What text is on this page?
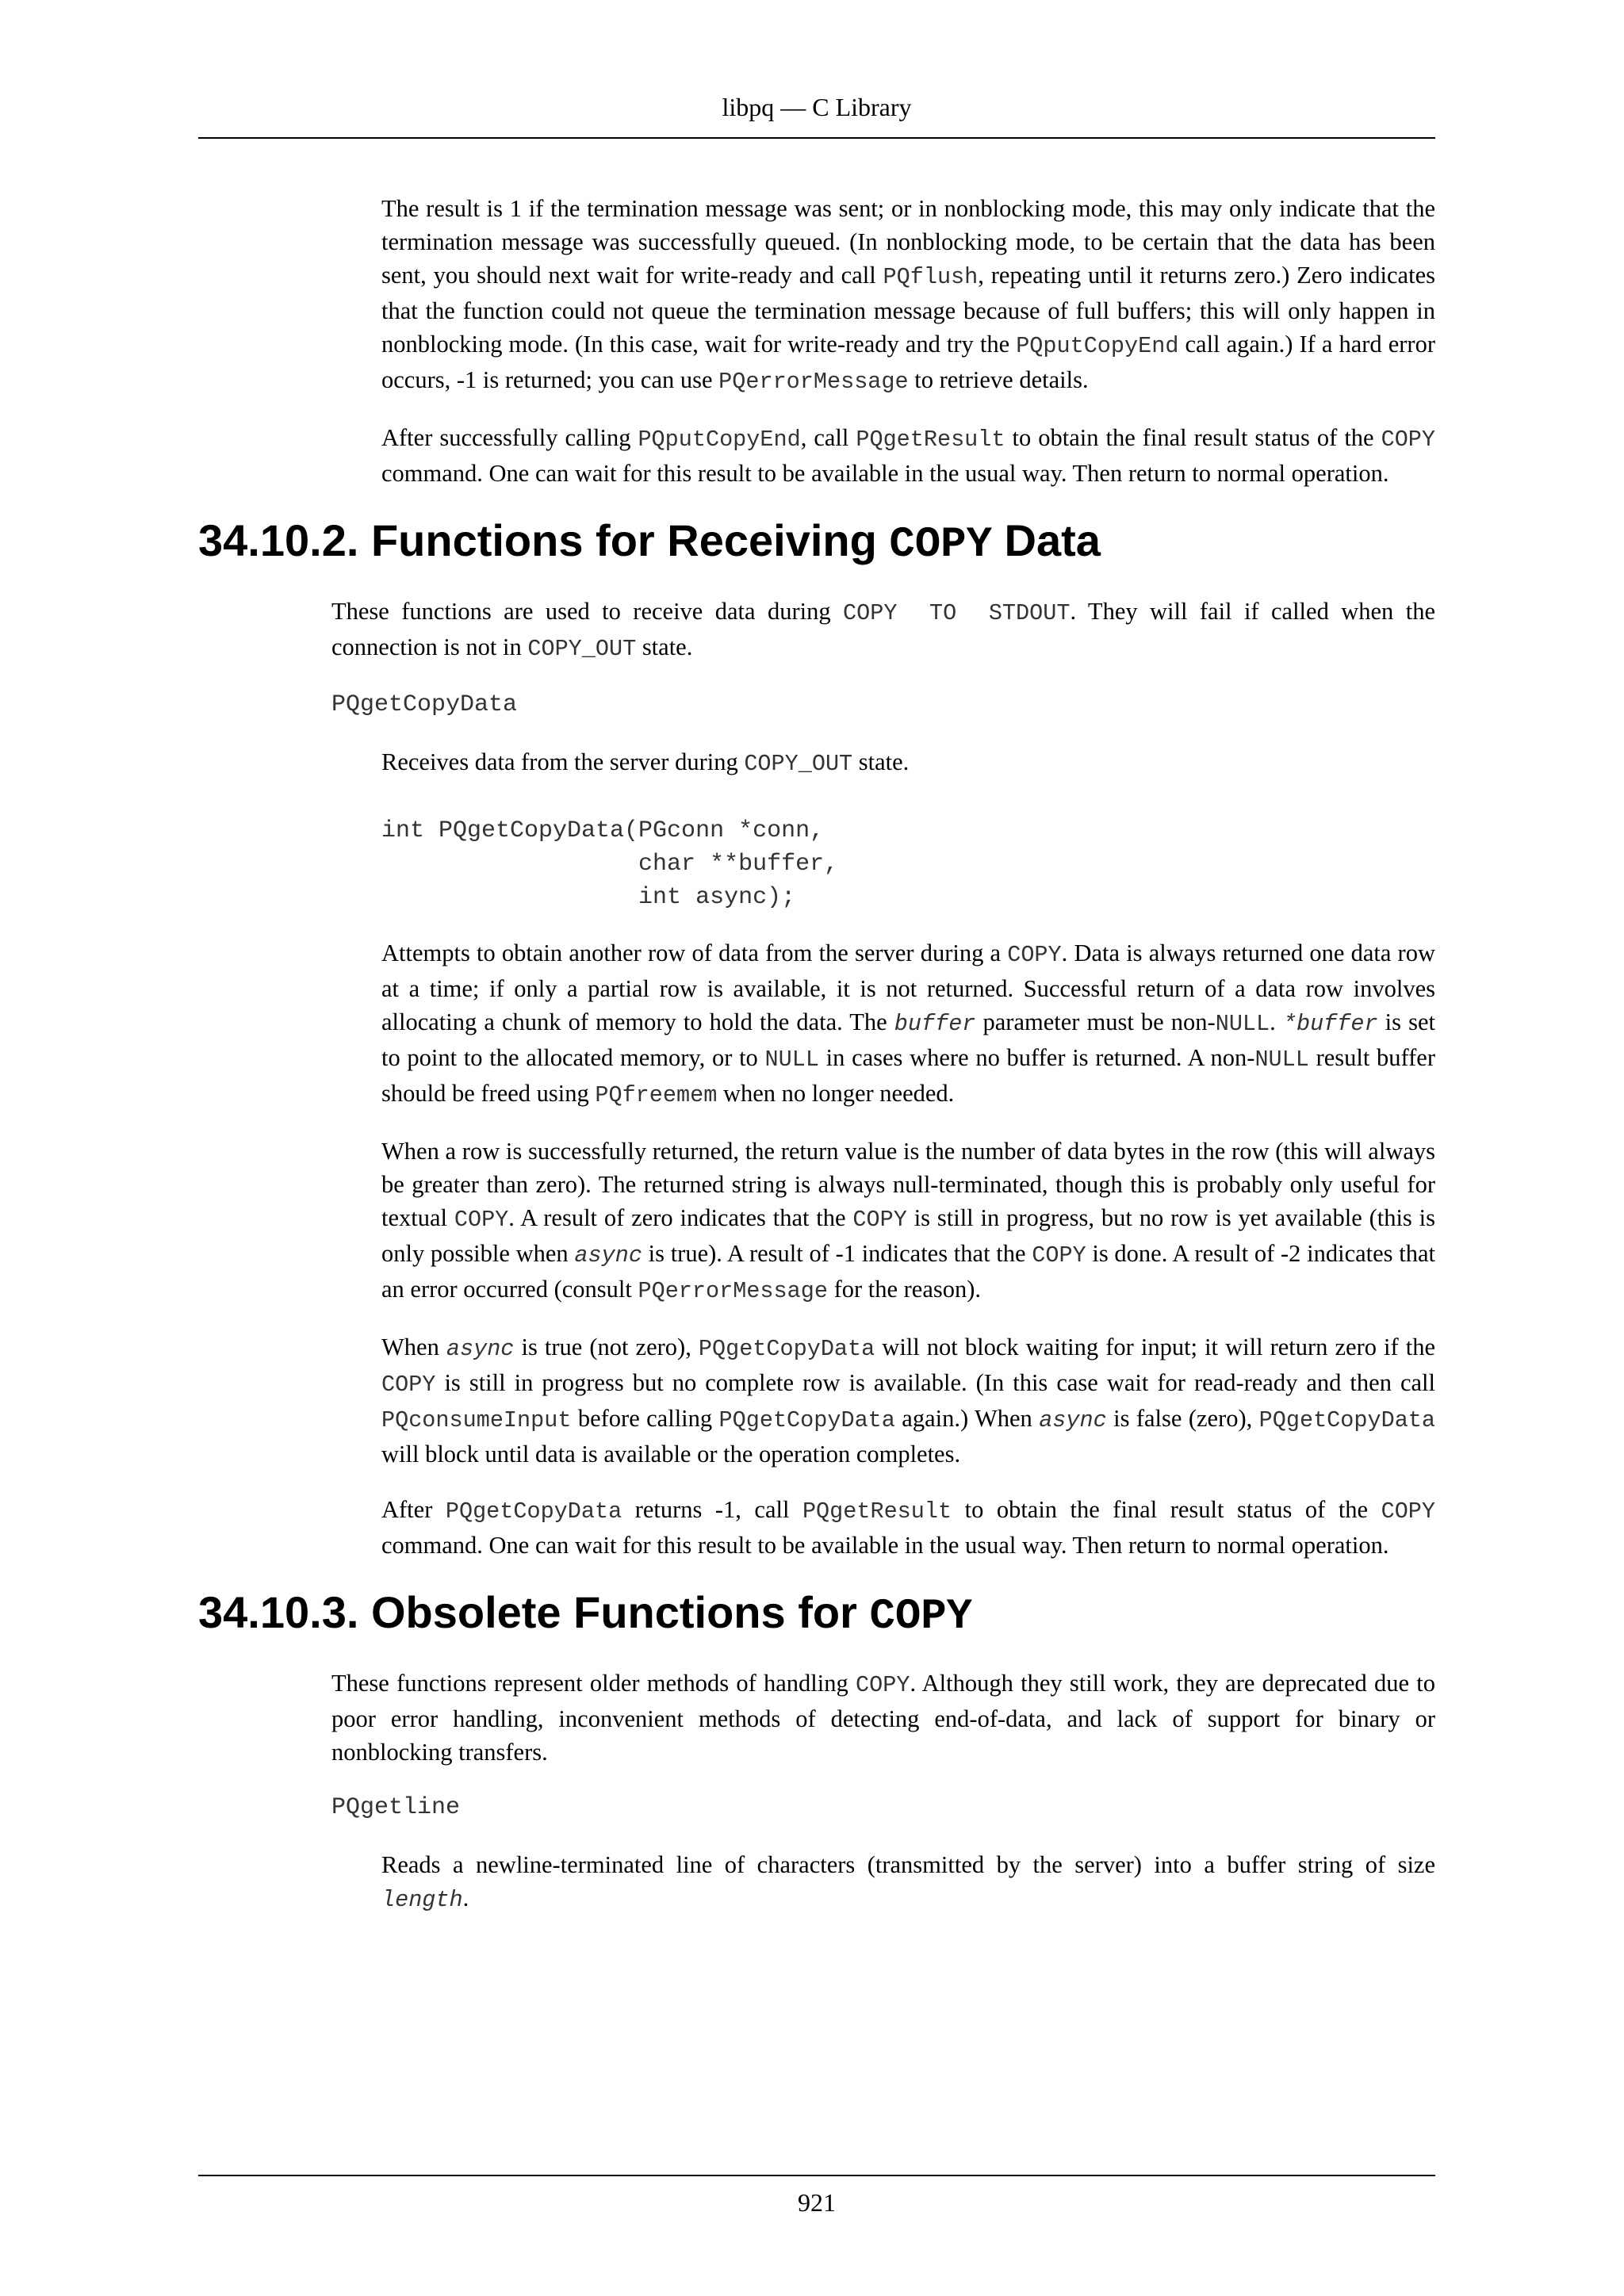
libpq — C Library

The result is 1 if the termination message was sent; or in nonblocking mode, this may only indicate that the termination message was successfully queued. (In nonblocking mode, to be certain that the data has been sent, you should next wait for write-ready and call PQflush, repeating until it returns zero.) Zero indicates that the function could not queue the termination message because of full buffers; this will only happen in nonblocking mode. (In this case, wait for write-ready and try the PQputCopyEnd call again.) If a hard error occurs, -1 is returned; you can use PQerrorMessage to retrieve details.

After successfully calling PQputCopyEnd, call PQgetResult to obtain the final result status of the COPY command. One can wait for this result to be available in the usual way. Then return to normal operation.

34.10.2. Functions for Receiving COPY Data

These functions are used to receive data during COPY TO STDOUT. They will fail if called when the connection is not in COPY_OUT state.

PQgetCopyData

Receives data from the server during COPY_OUT state.

int PQgetCopyData(PGconn *conn,
char **buffer,
int async);

Attempts to obtain another row of data from the server during a COPY. Data is always returned one data row at a time; if only a partial row is available, it is not returned. Successful return of a data row involves allocating a chunk of memory to hold the data. The buffer parameter must be non-NULL. *buffer is set to point to the allocated memory, or to NULL in cases where no buffer is returned. A non-NULL result buffer should be freed using PQfreemem when no longer needed.

When a row is successfully returned, the return value is the number of data bytes in the row (this will always be greater than zero). The returned string is always null-terminated, though this is probably only useful for textual COPY. A result of zero indicates that the COPY is still in progress, but no row is yet available (this is only possible when async is true). A result of -1 indicates that the COPY is done. A result of -2 indicates that an error occurred (consult PQerrorMessage for the reason).

When async is true (not zero), PQgetCopyData will not block waiting for input; it will return zero if the COPY is still in progress but no complete row is available. (In this case wait for read-ready and then call PQconsumeInput before calling PQgetCopyData again.) When async is false (zero), PQgetCopyData will block until data is available or the operation completes.

After PQgetCopyData returns -1, call PQgetResult to obtain the final result status of the COPY command. One can wait for this result to be available in the usual way. Then return to normal operation.

34.10.3. Obsolete Functions for COPY

These functions represent older methods of handling COPY. Although they still work, they are deprecated due to poor error handling, inconvenient methods of detecting end-of-data, and lack of support for binary or nonblocking transfers.

PQgetline

Reads a newline-terminated line of characters (transmitted by the server) into a buffer string of size length.

921
